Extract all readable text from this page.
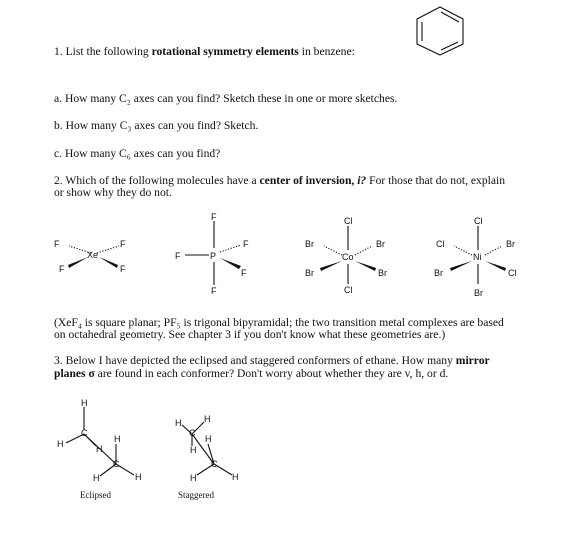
1. List the following rotational symmetry elements in benzene:
a. How many C₂ axes can you find? Sketch these in one or more sketches.
b. How many C₃ axes can you find? Sketch.
c. How many C₆ axes can you find?
2. Which of the following molecules have a center of inversion, i? For those that do not, explain
or show why they do not.
F	F
F	F
Xe
F
F
F
F
F
P
Cl
Br	Br
Br	Br
Cl
Co
Cl
Cl	Br
Br	Cl
Br
Ni
(XeF₄ is square planar; PF₅ is trigonal bipyramidal; the two transition metal complexes are based
on octahedral geometry. See chapter 3 if you don't know what these geometries are.)
3. Below I have depicted the eclipsed and staggered conformers of ethane. How many mirror
planes σ are found in each conformer? Don't worry about whether they are v, h, or d.
H
C
H	H
H
C
H	H
Eclipsed
H
C
H
H
H
C
H	H
Staggered
